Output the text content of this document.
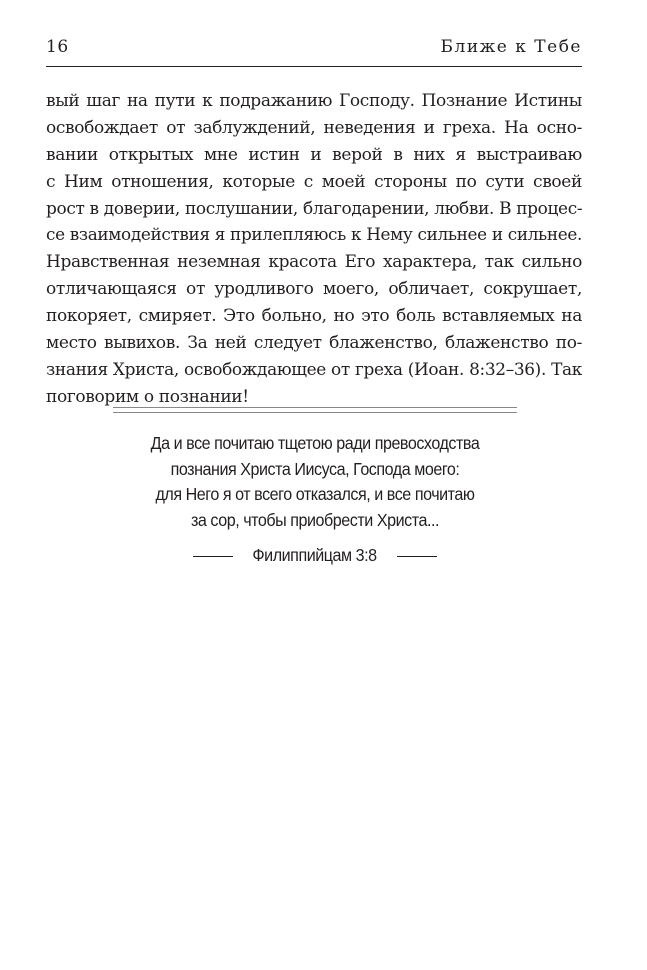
16	Ближе к Тебе
вый шаг на пути к подражанию Господу. Познание Истины
освобождает от заблуждений, неведения и греха. На осно-
вании открытых мне истин и верой в них я выстраиваю
с Ним отношения, которые с моей стороны по сути своей
рост в доверии, послушании, благодарении, любви. В процес-
се взаимодействия я прилепляюсь к Нему сильнее и сильнее.
Нравственная неземная красота Его характера, так сильно
отличающаяся от уродливого моего, обличает, сокрушает,
покоряет, смиряет. Это больно, но это боль вставляемых на
место вывихов. За ней следует блаженство, блаженство по-
знания Христа, освобождающее от греха (Иоан. 8:32–36). Так
поговорим о познании!
Да и все почитаю тщетою ради превосходства
познания Христа Иисуса, Господа моего:
для Него я от всего отказался, и все почитаю
за сор, чтобы приобрести Христа...
Филиппийцам 3:8
